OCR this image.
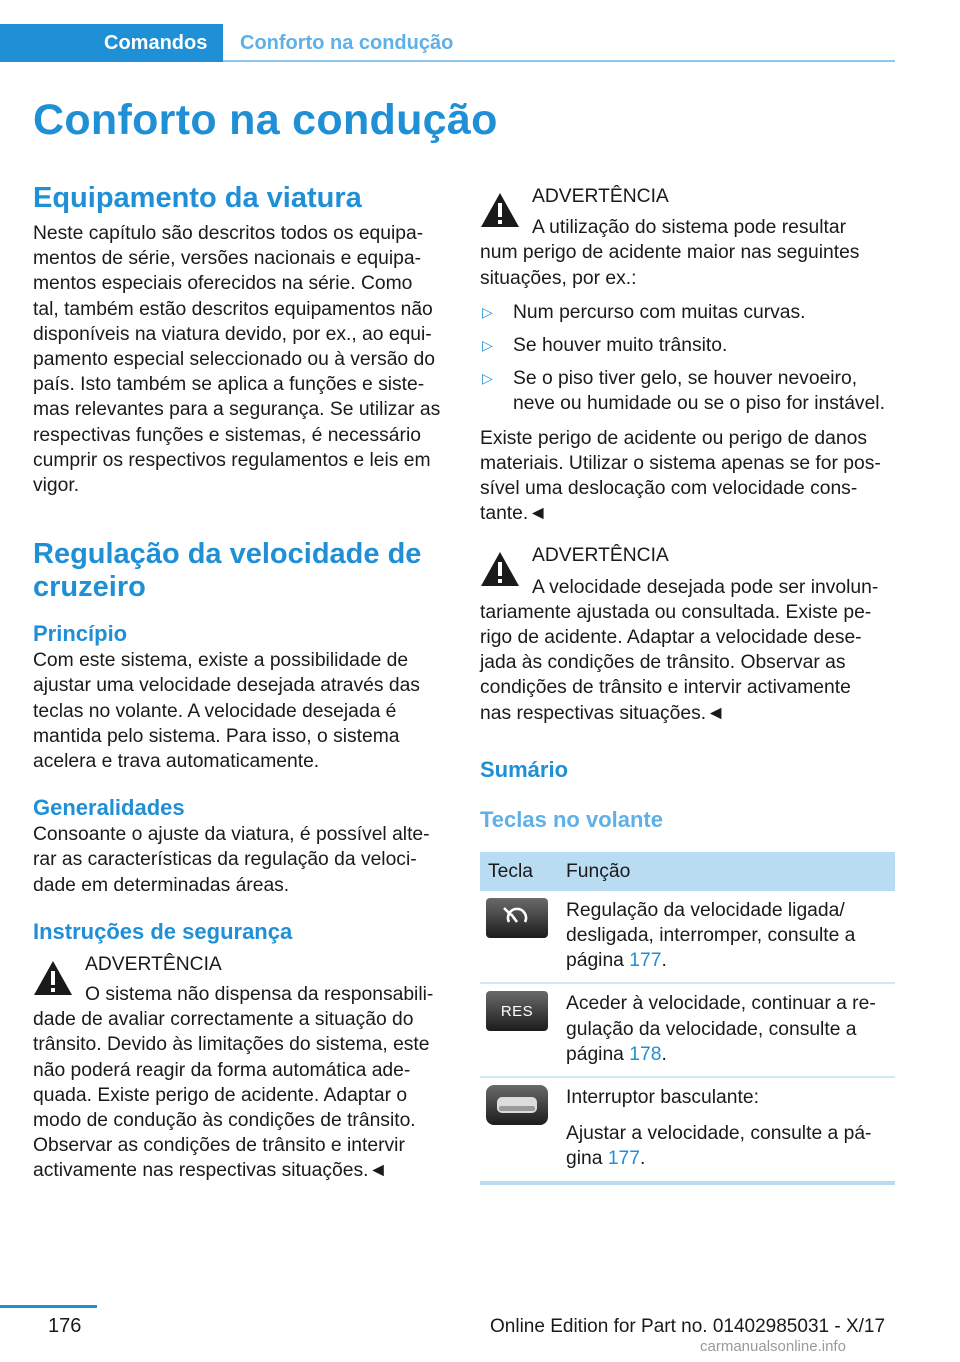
Comandos	Conforto na condução
Conforto na condução
Equipamento da viatura

Neste capítulo são descritos todos os equipa-

mentos de série, versões nacionais e equipa-

mentos especiais oferecidos na série. Como

tal, também estão descritos equipamentos não

disponíveis na viatura devido, por ex., ao equi-

pamento especial seleccionado ou à versão do

país. Isto também se aplica a funções e siste-

mas relevantes para a segurança. Se utilizar as

respectivas funções e sistemas, é necessário

cumprir os respectivos regulamentos e leis em

vigor.

Regulação da velocidade de
cruzeiro
Princípio

Com este sistema, existe a possibilidade de

ajustar uma velocidade desejada através das

teclas no volante. A velocidade desejada é

mantida pelo sistema. Para isso, o sistema

acelera e trava automaticamente.

Generalidades

Consoante o ajuste da viatura, é possível alte-

rar as características da regulação da veloci-

dade em determinadas áreas.

Instruções de segurança

ADVERTÊNCIA

O sistema não dispensa da responsabili-

dade de avaliar correctamente a situação do

trânsito. Devido às limitações do sistema, este

não poderá reagir da forma automática ade-

quada. Existe perigo de acidente. Adaptar o

modo de condução às condições de trânsito.

Observar as condições de trânsito e intervir

activamente nas respectivas situações.◄

ADVERTÊNCIA

A utilização do sistema pode resultar

num perigo de acidente maior nas seguintes

situações, por ex.:

▷ Num percurso com muitas curvas.

▷ Se houver muito trânsito.

▷ Se o piso tiver gelo, se houver nevoeiro,

neve ou humidade ou se o piso for instável.

Existe perigo de acidente ou perigo de danos

materiais. Utilizar o sistema apenas se for pos-

sível uma deslocação com velocidade cons-

tante.◄

ADVERTÊNCIA

A velocidade desejada pode ser involun-

tariamente ajustada ou consultada. Existe pe-

rigo de acidente. Adaptar a velocidade dese-

jada às condições de trânsito. Observar as

condições de trânsito e intervir activamente

nas respectivas situações.◄

Sumário
Teclas no volante
Tecla	Função

Regulação da velocidade ligada/

desligada, interromper, consulte a

página 177.

RES	Aceder à velocidade, continuar a re-

gulação da velocidade, consulte a

página 178.

Interruptor basculante:

Ajustar a velocidade, consulte a pá-

gina 177.

176	Online Edition for Part no. 01402985031 - X/17
carmanualsonline.info
